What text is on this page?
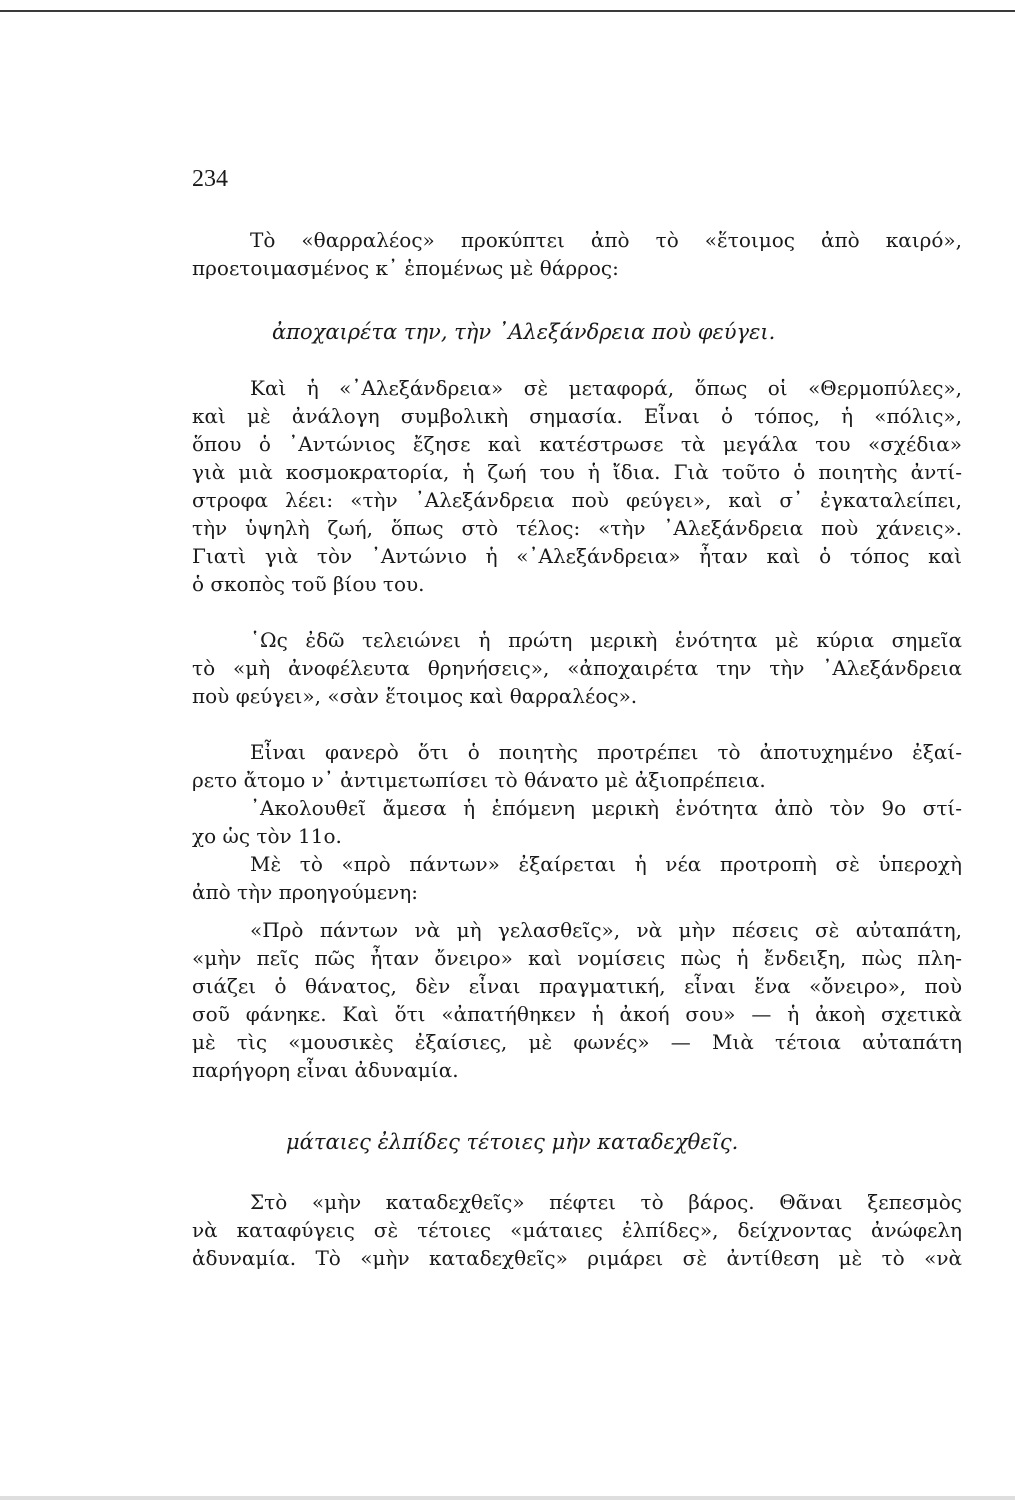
234
Τὸ «θαρραλέος» προκύπτει ἀπὸ τὸ «ἕτοιμος ἀπὸ καιρό»,
προετοιμασμένος κ᾿ ἑπομένως μὲ θάρρος:
ἀποχαιρέτα την, τὴν ᾿Αλεξάνδρεια ποὺ φεύγει.
Καὶ ἡ «᾿Αλεξάνδρεια» σὲ μεταφορά, ὅπως οἱ «Θερμοπύλες»,
καὶ μὲ ἀνάλογη συμβολικὴ σημασία. Εἶναι ὁ τόπος, ἡ «πόλις»,
ὅπου ὁ ᾿Αντώνιος ἔζησε καὶ κατέστρωσε τὰ μεγάλα του «σχέδια»
γιὰ μιὰ κοσμοκρατορία, ἡ ζωή του ἡ ἴδια. Γιὰ τοῦτο ὁ ποιητὴς ἀντί-
στροφα λέει: «τὴν ᾿Αλεξάνδρεια ποὺ φεύγει», καὶ σ᾿ ἐγκαταλείπει,
τὴν ὑψηλὴ ζωή, ὅπως στὸ τέλος: «τὴν ᾿Αλεξάνδρεια ποὺ χάνεις».
Γιατὶ γιὰ τὸν ᾿Αντώνιο ἡ «᾿Αλεξάνδρεια» ἦταν καὶ ὁ τόπος καὶ
ὁ σκοπὸς τοῦ βίου του.
῾Ως ἐδῶ τελειώνει ἡ πρώτη μερικὴ ἑνότητα μὲ κύρια σημεῖα
τὸ «μὴ ἀνοφέλευτα θρηνήσεις», «ἀποχαιρέτα την τὴν ᾿Αλεξάνδρεια
ποὺ φεύγει», «σὰν ἕτοιμος καὶ θαρραλέος».
Εἶναι φανερὸ ὅτι ὁ ποιητὴς προτρέπει τὸ ἀποτυχημένο ἐξαί-
ρετο ἄτομο ν᾿ ἀντιμετωπίσει τὸ θάνατο μὲ ἀξιοπρέπεια.
᾿Ακολουθεῖ ἄμεσα ἡ ἑπόμενη μερικὴ ἑνότητα ἀπὸ τὸν 9ο στί-
χο ὡς τὸν 11ο.
Μὲ τὸ «πρὸ πάντων» ἐξαίρεται ἡ νέα προτροπὴ σὲ ὑπεροχὴ
ἀπὸ τὴν προηγούμενη:
«Πρὸ πάντων νὰ μὴ γελασθεῖς», νὰ μὴν πέσεις σὲ αὐταπάτη,
«μὴν πεῖς πῶς ἦταν ὄνειρο» καὶ νομίσεις πὼς ἡ ἔνδειξη, πὼς πλη-
σιάζει ὁ θάνατος, δὲν εἶναι πραγματική, εἶναι ἕνα «ὄνειρο», ποὺ
σοῦ φάνηκε. Καὶ ὅτι «ἀπατήθηκεν ἡ ἀκοή σου» — ἡ ἀκοὴ σχετικὰ
μὲ τὶς «μουσικὲς ἐξαίσιες, μὲ φωνές» — Μιὰ τέτοια αὐταπάτη
παρήγορη εἶναι ἀδυναμία.
μάταιες ἐλπίδες τέτοιες μὴν καταδεχθεῖς.
Στὸ «μὴν καταδεχθεῖς» πέφτει τὸ βάρος. Θᾶναι ξεπεσμὸς
νὰ καταφύγεις σὲ τέτοιες «μάταιες ἐλπίδες», δείχνοντας ἀνώφελη
ἀδυναμία. Τὸ «μὴν καταδεχθεῖς» ριμάρει σὲ ἀντίθεση μὲ τὸ «νὰ
